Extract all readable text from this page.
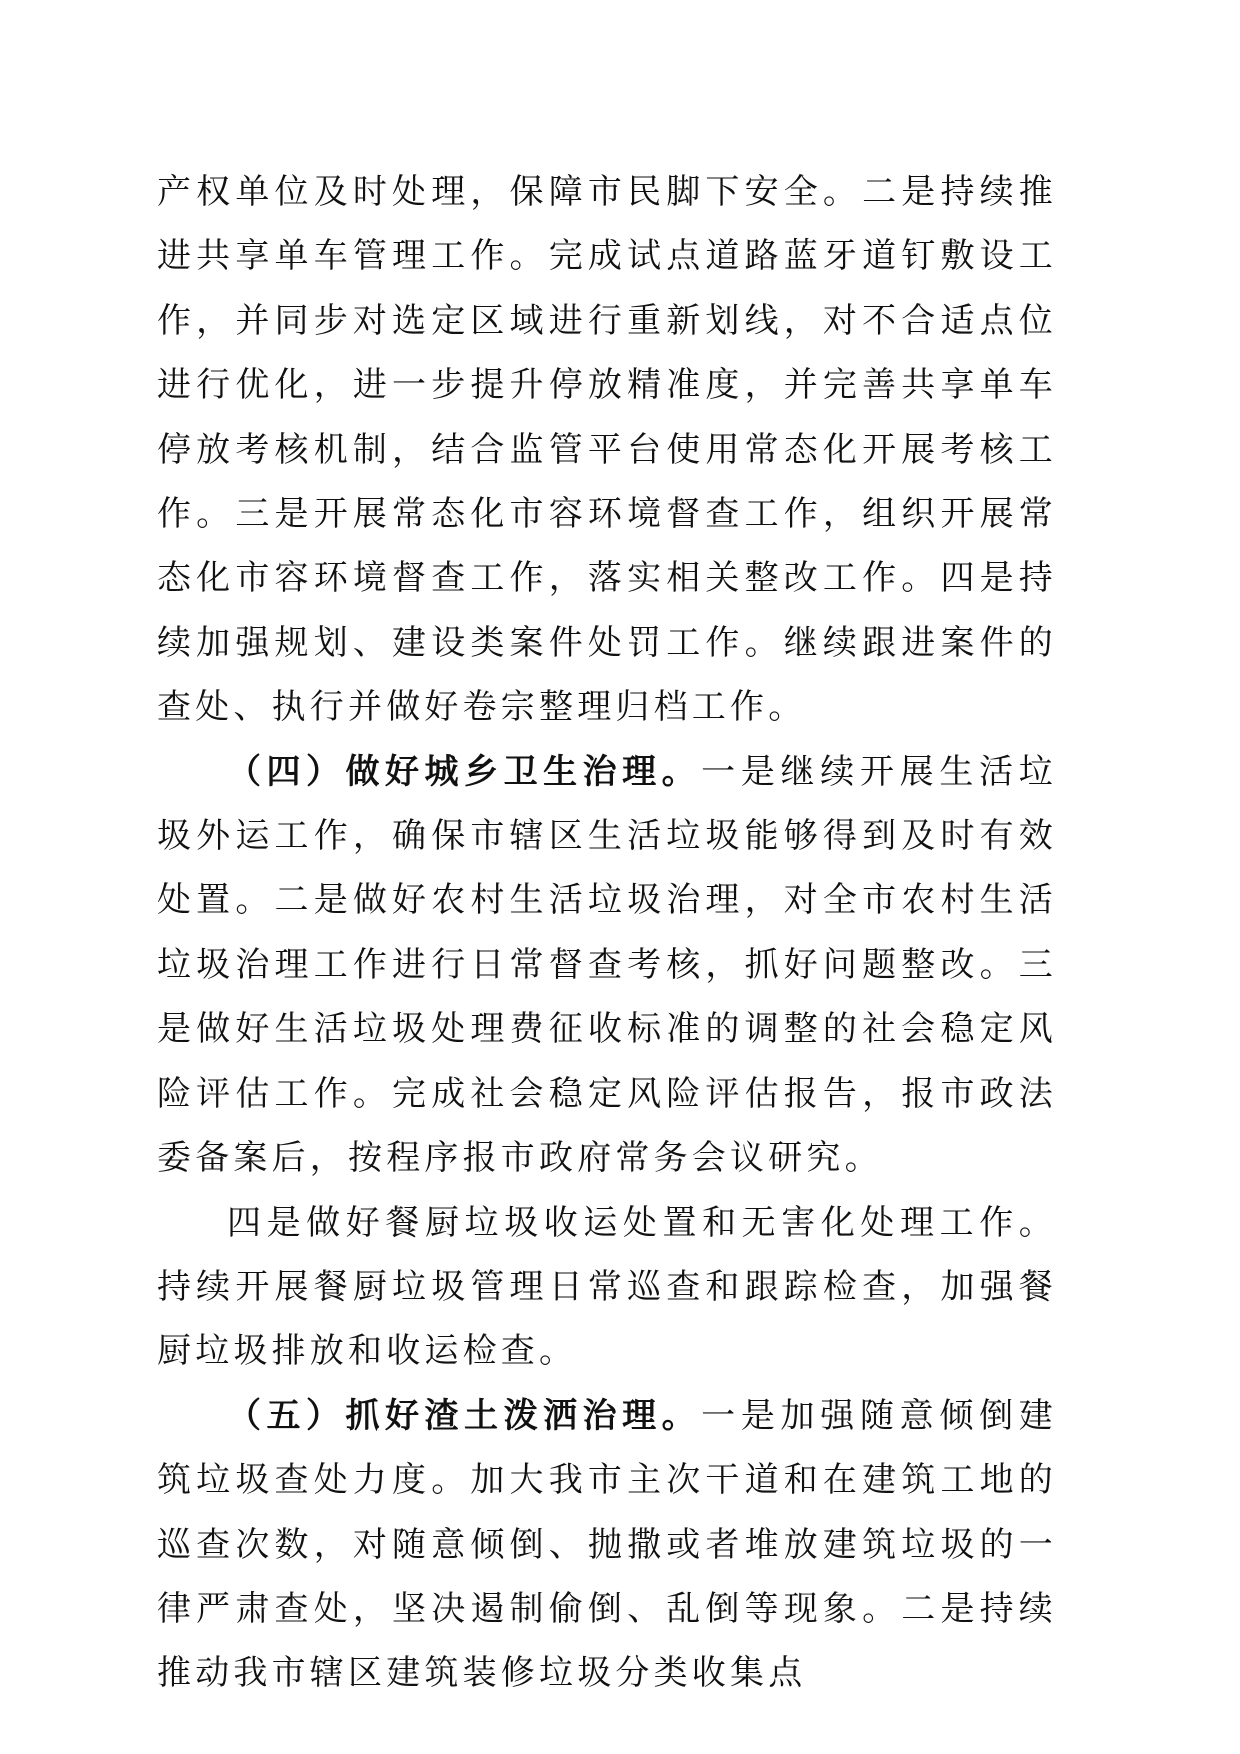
产权单位及时处理，保障市民脚下安全。二是持续推进共享单车管理工作。完成试点道路蓝牙道钉敷设工作，并同步对选定区域进行重新划线，对不合适点位进行优化，进一步提升停放精准度，并完善共享单车停放考核机制，结合监管平台使用常态化开展考核工作。三是开展常态化市容环境督查工作，组织开展常态化市容环境督查工作，落实相关整改工作。四是持续加强规划、建设类案件处罚工作。继续跟进案件的查处、执行并做好卷宗整理归档工作。

（四）做好城乡卫生治理。一是继续开展生活垃圾外运工作，确保市辖区生活垃圾能够得到及时有效处置。二是做好农村生活垃圾治理，对全市农村生活垃圾治理工作进行日常督查考核，抓好问题整改。三是做好生活垃圾处理费征收标准的调整的社会稳定风险评估工作。完成社会稳定风险评估报告，报市政法委备案后，按程序报市政府常务会议研究。

四是做好餐厨垃圾收运处置和无害化处理工作。持续开展餐厨垃圾管理日常巡查和跟踪检查，加强餐厨垃圾排放和收运检查。

（五）抓好渣土泼洒治理。一是加强随意倾倒建筑垃圾查处力度。加大我市主次干道和在建筑工地的巡查次数，对随意倾倒、抛撒或者堆放建筑垃圾的一律严肃查处，坚决遏制偷倒、乱倒等现象。二是持续推动我市辖区建筑装修垃圾分类收集点
